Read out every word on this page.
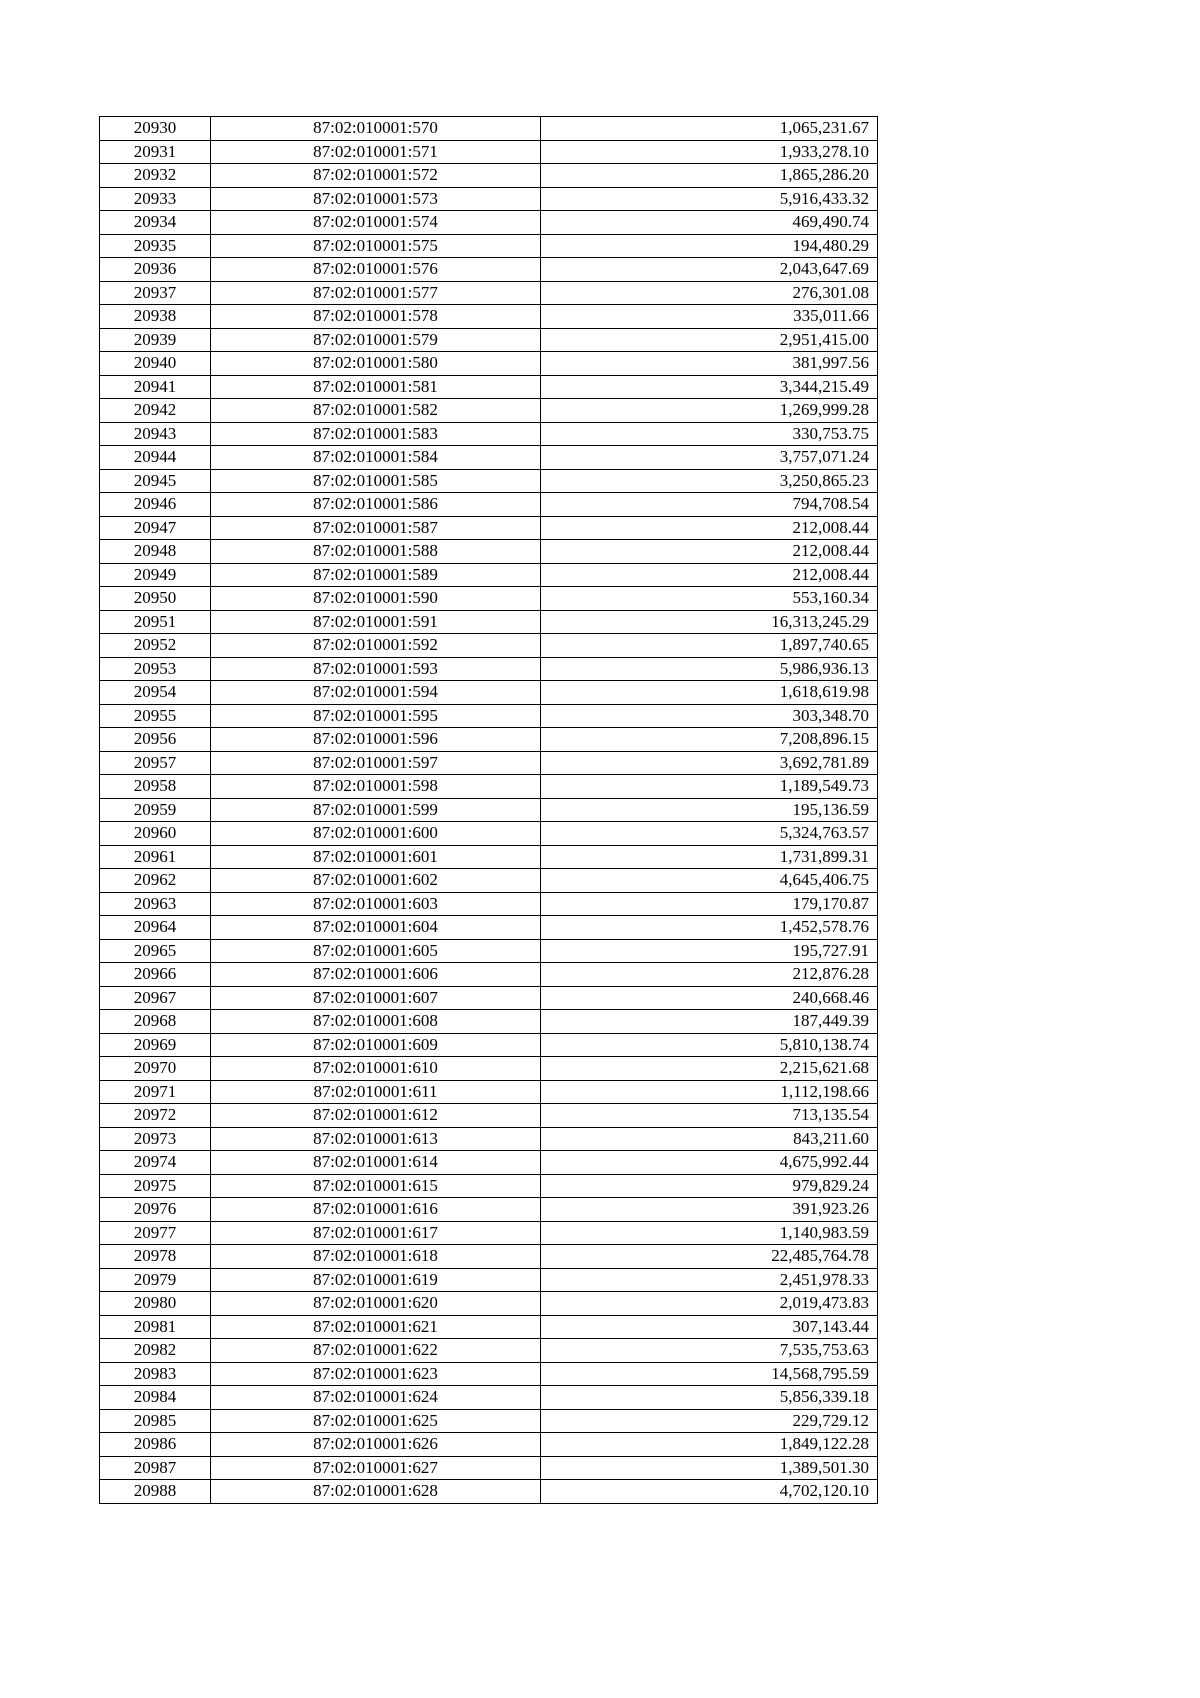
20930	87:02:010001:570	1,065,231.67
20931	87:02:010001:571	1,933,278.10
20932	87:02:010001:572	1,865,286.20
20933	87:02:010001:573	5,916,433.32
20934	87:02:010001:574	469,490.74
20935	87:02:010001:575	194,480.29
20936	87:02:010001:576	2,043,647.69
20937	87:02:010001:577	276,301.08
20938	87:02:010001:578	335,011.66
20939	87:02:010001:579	2,951,415.00
20940	87:02:010001:580	381,997.56
20941	87:02:010001:581	3,344,215.49
20942	87:02:010001:582	1,269,999.28
20943	87:02:010001:583	330,753.75
20944	87:02:010001:584	3,757,071.24
20945	87:02:010001:585	3,250,865.23
20946	87:02:010001:586	794,708.54
20947	87:02:010001:587	212,008.44
20948	87:02:010001:588	212,008.44
20949	87:02:010001:589	212,008.44
20950	87:02:010001:590	553,160.34
20951	87:02:010001:591	16,313,245.29
20952	87:02:010001:592	1,897,740.65
20953	87:02:010001:593	5,986,936.13
20954	87:02:010001:594	1,618,619.98
20955	87:02:010001:595	303,348.70
20956	87:02:010001:596	7,208,896.15
20957	87:02:010001:597	3,692,781.89
20958	87:02:010001:598	1,189,549.73
20959	87:02:010001:599	195,136.59
20960	87:02:010001:600	5,324,763.57
20961	87:02:010001:601	1,731,899.31
20962	87:02:010001:602	4,645,406.75
20963	87:02:010001:603	179,170.87
20964	87:02:010001:604	1,452,578.76
20965	87:02:010001:605	195,727.91
20966	87:02:010001:606	212,876.28
20967	87:02:010001:607	240,668.46
20968	87:02:010001:608	187,449.39
20969	87:02:010001:609	5,810,138.74
20970	87:02:010001:610	2,215,621.68
20971	87:02:010001:611	1,112,198.66
20972	87:02:010001:612	713,135.54
20973	87:02:010001:613	843,211.60
20974	87:02:010001:614	4,675,992.44
20975	87:02:010001:615	979,829.24
20976	87:02:010001:616	391,923.26
20977	87:02:010001:617	1,140,983.59
20978	87:02:010001:618	22,485,764.78
20979	87:02:010001:619	2,451,978.33
20980	87:02:010001:620	2,019,473.83
20981	87:02:010001:621	307,143.44
20982	87:02:010001:622	7,535,753.63
20983	87:02:010001:623	14,568,795.59
20984	87:02:010001:624	5,856,339.18
20985	87:02:010001:625	229,729.12
20986	87:02:010001:626	1,849,122.28
20987	87:02:010001:627	1,389,501.30
20988	87:02:010001:628	4,702,120.10
